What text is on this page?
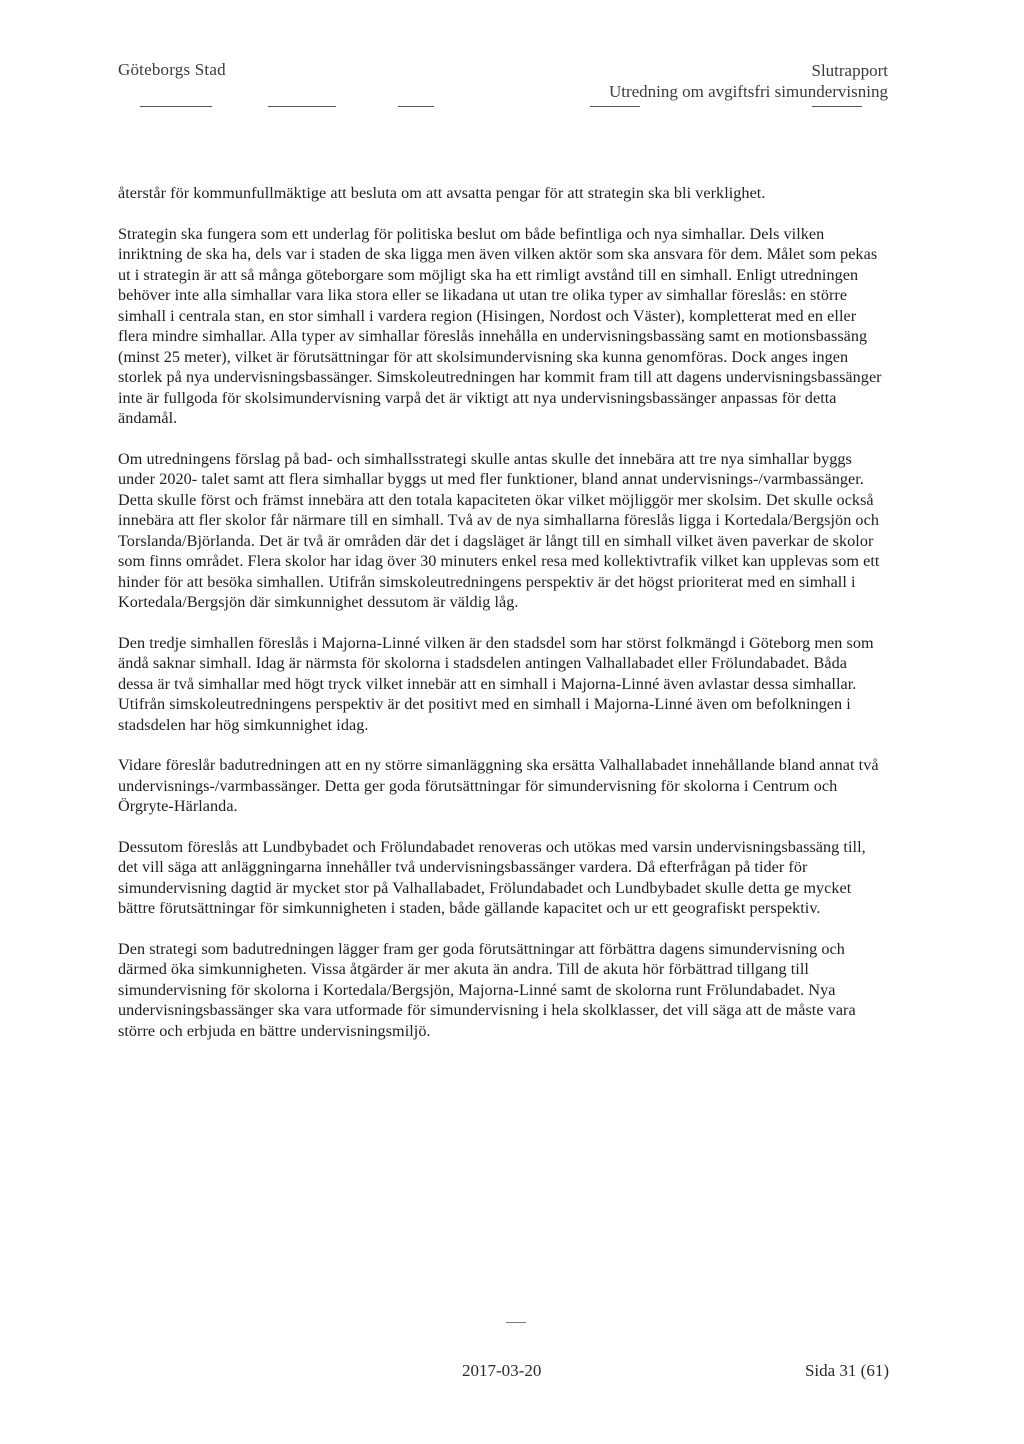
Göteborgs Stad	Slutrapport
Utredning om avgiftsfri simundervisning

återstår för kommunfullmäktige att besluta om att avsatta pengar för att strategin ska bli verklighet.

Strategin ska fungera som ett underlag för politiska beslut om både befintliga och nya simhallar. Dels vilken inriktning de ska ha, dels var i staden de ska ligga men även vilken aktör som ska ansvara för dem. Målet som pekas ut i strategin är att så många göteborgare som möjligt ska ha ett rimligt avstånd till en simhall. Enligt utredningen behöver inte alla simhallar vara lika stora eller se likadana ut utan tre olika typer av simhallar föreslås: en större simhall i centrala stan, en stor simhall i vardera region (Hisingen, Nordost och Väster), kompletterat med en eller flera mindre simhallar. Alla typer av simhallar föreslås innehålla en undervisningsbassäng samt en motionsbassäng (minst 25 meter), vilket är förutsättningar för att skolsimundervisning ska kunna genomföras. Dock anges ingen storlek på nya undervisningsbassänger. Simskoleutredningen har kommit fram till att dagens undervisningsbassänger inte är fullgoda för skolsimundervisning varpå det är viktigt att nya undervisningsbassänger anpassas för detta ändamål.

Om utredningens förslag på bad- och simhallsstrategi skulle antas skulle det innebära att tre nya simhallar byggs under 2020- talet samt att flera simhallar byggs ut med fler funktioner, bland annat undervisnings-/varmbassänger. Detta skulle först och främst innebära att den totala kapaciteten ökar vilket möjliggör mer skolsim. Det skulle också innebära att fler skolor får närmare till en simhall. Två av de nya simhallarna föreslås ligga i Kortedala/Bergsjön och Torslanda/Björlanda. Det är två är områden där det i dagsläget är långt till en simhall vilket även paverkar de skolor som finns området. Flera skolor har idag över 30 minuters enkel resa med kollektivtrafik vilket kan upplevas som ett hinder för att besöka simhallen. Utifrån simskoleutredningens perspektiv är det högst prioriterat med en simhall i Kortedala/Bergsjön där simkunnighet dessutom är väldig låg.

Den tredje simhallen föreslås i Majorna-Linné vilken är den stadsdel som har störst folkmängd i Göteborg men som ändå saknar simhall. Idag är närmsta för skolorna i stadsdelen antingen Valhallabadet eller Frölundabadet. Båda dessa är två simhallar med högt tryck vilket innebär att en simhall i Majorna-Linné även avlastar dessa simhallar. Utifrån simskoleutredningens perspektiv är det positivt med en simhall i Majorna-Linné även om befolkningen i stadsdelen har hög simkunnighet idag.

Vidare föreslår badutredningen att en ny större simanläggning ska ersätta Valhallabadet innehållande bland annat två undervisnings-/varmbassänger. Detta ger goda förutsättningar för simundervisning för skolorna i Centrum och Örgryte-Härlanda.

Dessutom föreslås att Lundbybadet och Frölundabadet renoveras och utökas med varsin undervisningsbassäng till, det vill säga att anläggningarna innehåller två undervisningsbassänger vardera. Då efterfrågan på tider för simundervisning dagtid är mycket stor på Valhallabadet, Frölundabadet och Lundbybadet skulle detta ge mycket bättre förutsättningar för simkunnigheten i staden, både gällande kapacitet och ur ett geografiskt perspektiv.

Den strategi som badutredningen lägger fram ger goda förutsättningar att förbättra dagens simundervisning och därmed öka simkunnigheten. Vissa åtgärder är mer akuta än andra. Till de akuta hör förbättrad tillgang till simundervisning för skolorna i Kortedala/Bergsjön, Majorna-Linné samt de skolorna runt Frölundabadet. Nya undervisningsbassänger ska vara utformade för simundervisning i hela skolklasser, det vill säga att de måste vara större och erbjuda en bättre undervisningsmiljö.

2017-03-20	Sida 31 (61)
